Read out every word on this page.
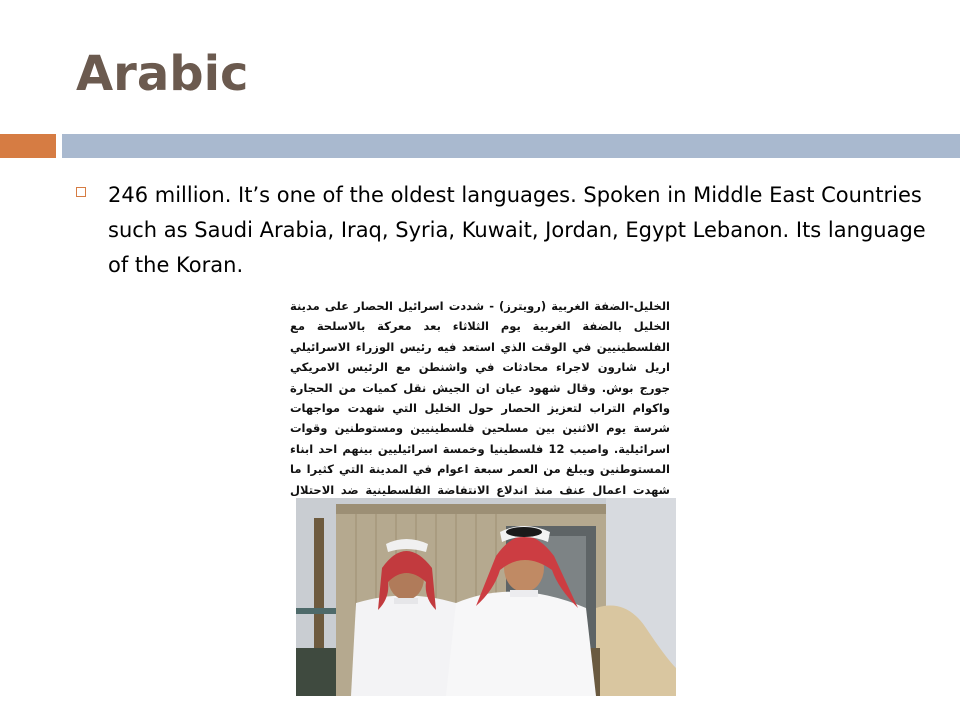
Arabic
246 million. It’s one of the oldest languages. Spoken in Middle East Countries such as Saudi Arabia, Iraq, Syria, Kuwait, Jordan, Egypt Lebanon. Its language of the Koran.
الخليل-الضفة الغربية (رويترز) - شددت اسرائيل الحصار على مدينة الخليل بالضفة الغربية يوم الثلاثاء بعد معركة بالاسلحة مع الفلسطينيين في الوقت الذي استعد فيه رئيس الوزراء الاسرائيلي اريل شارون لاجراء محادثات في واشنطن مع الرئيس الامريكي جورج بوش. وقال شهود عيان ان الجيش نقل كميات من الحجارة واكوام التراب لتعزيز الحصار حول الخليل التي شهدت مواجهات شرسة يوم الاثنين بين مسلحين فلسطينيين ومستوطنين وقوات اسرائيلية. واصيب 12 فلسطينيا وخمسة اسرائيليين بينهم احد ابناء المستوطنين ويبلغ من العمر سبعة اعوام في المدينة التي كثيرا ما شهدت اعمال عنف منذ اندلاع الانتفاضة الفلسطينية ضد الاحتلال
